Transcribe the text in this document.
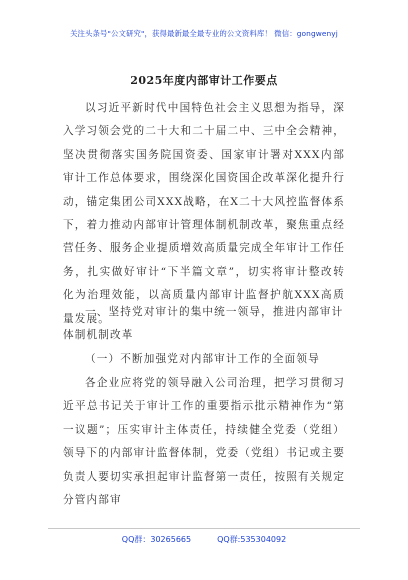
关注头条号"公文研究"，获得最新最全最专业的公文资料库！ 微信：gongwenyj
2025年度内部审计工作要点
以习近平新时代中国特色社会主义思想为指导，深入学习领会党的二十大和二十届二中、三中全会精神，坚决贯彻落实国务院国资委、国家审计署对XXX内部审计工作总体要求，围绕深化国资国企改革深化提升行动，锚定集团公司XXX战略，在X二十大风控监督体系下，着力推动内部审计管理体制机制改革，聚焦重点经营任务、服务企业提质增效高质量完成全年审计工作任务，扎实做好审计“下半篇文章”，切实将审计整改转化为治理效能，以高质量内部审计监督护航XXX高质量发展。
一、坚持党对审计的集中统一领导，推进内部审计体制机制改革
（一）不断加强党对内部审计工作的全面领导
各企业应将党的领导融入公司治理，把学习贯彻习近平总书记关于审计工作的重要指示批示精神作为“第一议题”；压实审计主体责任，持续健全党委（党组）领导下的内部审计监督体制，党委（党组）书记或主要负责人要切实承担起审计监督第一责任，按照有关规定分管内部审
QQ群：30265665	QQ群:535304092
